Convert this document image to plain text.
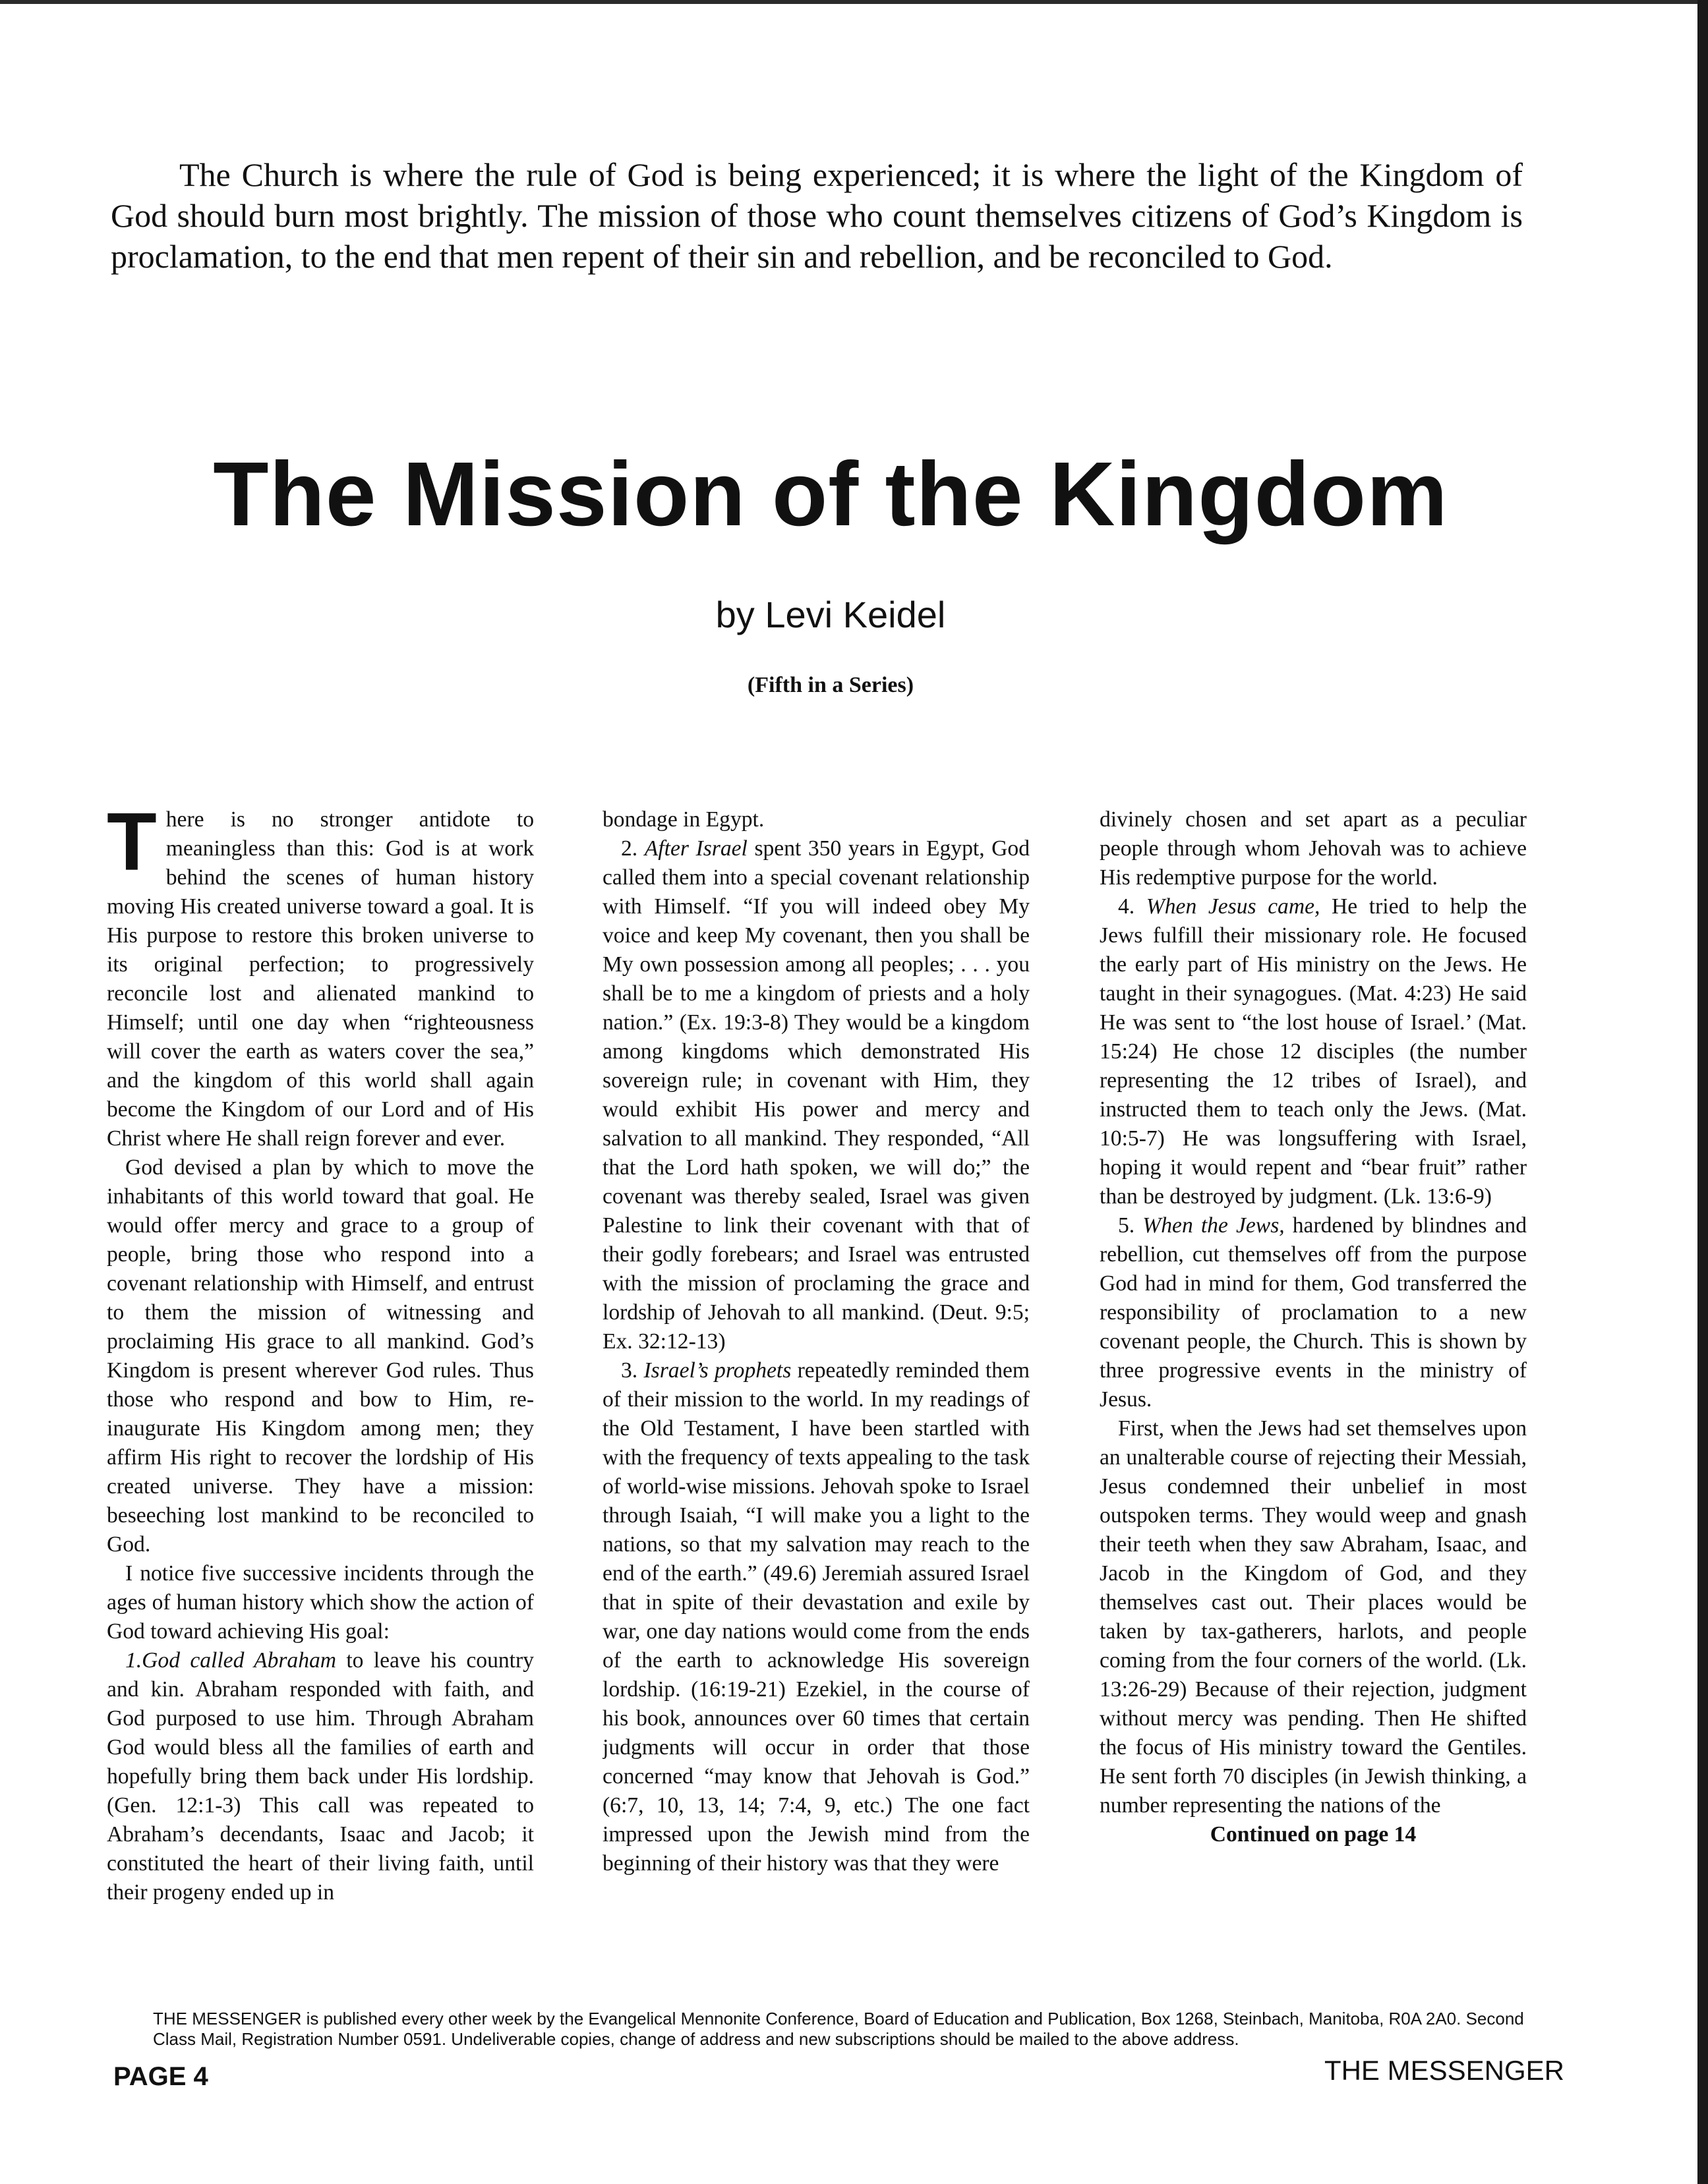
The Church is where the rule of God is being experienced; it is where the light of the Kingdom of God should burn most brightly. The mission of those who count themselves citizens of God’s Kingdom is proclamation, to the end that men repent of their sin and rebellion, and be reconciled to God.

The Mission of the Kingdom

by Levi Keidel

(Fifth in a Series)

There is no stronger antidote to meaningless than this: God is at work behind the scenes of human history moving His created universe toward a goal. It is His purpose to restore this broken universe to its original perfection; to progressively reconcile lost and alienated mankind to Himself; until one day when “righteousness will cover the earth as waters cover the sea,” and the kingdom of this world shall again become the Kingdom of our Lord and of His Christ where He shall reign forever and ever.

God devised a plan by which to move the inhabitants of this world toward that goal. He would offer mercy and grace to a group of people, bring those who respond into a covenant relationship with Himself, and entrust to them the mission of witnessing and proclaiming His grace to all mankind. God’s Kingdom is present wherever God rules. Thus those who respond and bow to Him, re-inaugurate His Kingdom among men; they affirm His right to recover the lordship of His created universe. They have a mission: beseeching lost mankind to be reconciled to God.

I notice five successive incidents through the ages of human history which show the action of God toward achieving His goal:

1.God called Abraham to leave his country and kin. Abraham responded with faith, and God purposed to use him. Through Abraham God would bless all the families of earth and hopefully bring them back under His lordship. (Gen. 12:1-3) This call was repeated to Abraham’s decendants, Isaac and Jacob; it constituted the heart of their living faith, until their progeny ended up in

bondage in Egypt.

2. After Israel spent 350 years in Egypt, God called them into a special covenant relationship with Himself. “If you will indeed obey My voice and keep My covenant, then you shall be My own possession among all peoples; . . . you shall be to me a kingdom of priests and a holy nation.” (Ex. 19:3-8) They would be a kingdom among kingdoms which demonstrated His sovereign rule; in covenant with Him, they would exhibit His power and mercy and salvation to all mankind. They responded, “All that the Lord hath spoken, we will do;” the covenant was thereby sealed, Israel was given Palestine to link their covenant with that of their godly forebears; and Israel was entrusted with the mission of proclaming the grace and lordship of Jehovah to all mankind. (Deut. 9:5; Ex. 32:12-13)

3. Israel’s prophets repeatedly reminded them of their mission to the world. In my readings of the Old Testament, I have been startled with with the frequency of texts appealing to the task of world-wise missions. Jehovah spoke to Israel through Isaiah, “I will make you a light to the nations, so that my salvation may reach to the end of the earth.” (49.6) Jeremiah assured Israel that in spite of their devastation and exile by war, one day nations would come from the ends of the earth to acknowledge His sovereign lordship. (16:19-21) Ezekiel, in the course of his book, announces over 60 times that certain judgments will occur in order that those concerned “may know that Jehovah is God.” (6:7, 10, 13, 14; 7:4, 9, etc.) The one fact impressed upon the Jewish mind from the beginning of their history was that they were

divinely chosen and set apart as a peculiar people through whom Jehovah was to achieve His redemptive purpose for the world.

4. When Jesus came, He tried to help the Jews fulfill their missionary role. He focused the early part of His ministry on the Jews. He taught in their synagogues. (Mat. 4:23) He said He was sent to “the lost house of Israel.’ (Mat. 15:24) He chose 12 disciples (the number representing the 12 tribes of Israel), and instructed them to teach only the Jews. (Mat. 10:5-7) He was longsuffering with Israel, hoping it would repent and “bear fruit” rather than be destroyed by judgment. (Lk. 13:6-9)

5. When the Jews, hardened by blindnes and rebellion, cut themselves off from the purpose God had in mind for them, God transferred the responsibility of proclamation to a new covenant people, the Church. This is shown by three progressive events in the ministry of Jesus.

First, when the Jews had set themselves upon an unalterable course of rejecting their Messiah, Jesus condemned their unbelief in most outspoken terms. They would weep and gnash their teeth when they saw Abraham, Isaac, and Jacob in the Kingdom of God, and they themselves cast out. Their places would be taken by tax-gatherers, harlots, and people coming from the four corners of the world. (Lk. 13:26-29) Because of their rejection, judgment without mercy was pending. Then He shifted the focus of His ministry toward the Gentiles. He sent forth 70 disciples (in Jewish thinking, a number representing the nations of the

Continued on page 14

THE MESSENGER is published every other week by the Evangelical Mennonite Conference, Board of Education and Publication, Box 1268, Steinbach, Manitoba, R0A 2A0. Second Class Mail, Registration Number 0591. Undeliverable copies, change of address and new subscriptions should be mailed to the above address.

PAGE 4	THE MESSENGER
